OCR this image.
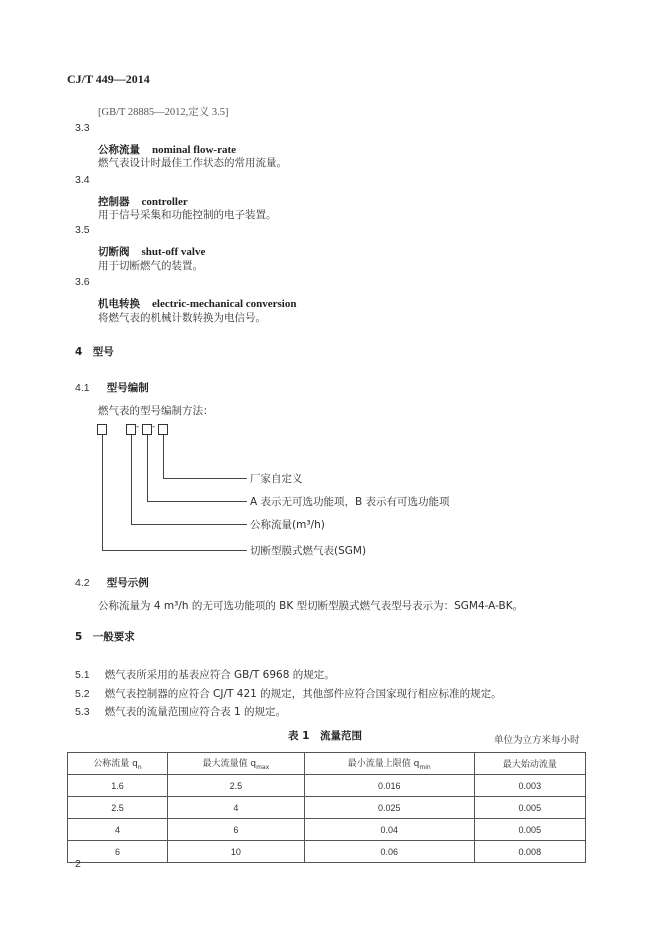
CJ/T 449—2014
[GB/T 28885—2012,定义 3.5]
3.3
公称流量 nominal flow-rate
燃气表设计时最佳工作状态的常用流量。
3.4
控制器 controller
用于信号采集和功能控制的电子装置。
3.5
切断阀 shut-off valve
用于切断燃气的装置。
3.6
机电转换 electric-mechanical conversion
将燃气表的机械计数转换为电信号。
4　型号
4.1 型号编制
燃气表的型号编制方法：
- -
厂家自定义
A 表示无可选功能项，B 表示有可选功能项
公称流量(m³/h)
切断型膜式燃气表(SGM)
4.2 型号示例
公称流量为 4 m³/h 的无可选功能项的 BK 型切断型膜式燃气表型号表示为：SGM4-A-BK。
5　一般要求
5.1 燃气表所采用的基表应符合 GB/T 6968 的规定。
5.2 燃气表控制器的应符合 CJ/T 421 的规定，其他部件应符合国家现行相应标准的规定。
5.3 燃气表的流量范围应符合表 1 的规定。
表 1　流量范围	单位为立方米每小时
公称流量 $q_n$	最大流量值 $q_{max}$	最小流量上限值 $q_{min}$	最大始动流量
1.6	2.5	0.016	0.003
2.5	4	0.025	0.005
4	6	0.04	0.005
6	10	0.06	0.008
2
